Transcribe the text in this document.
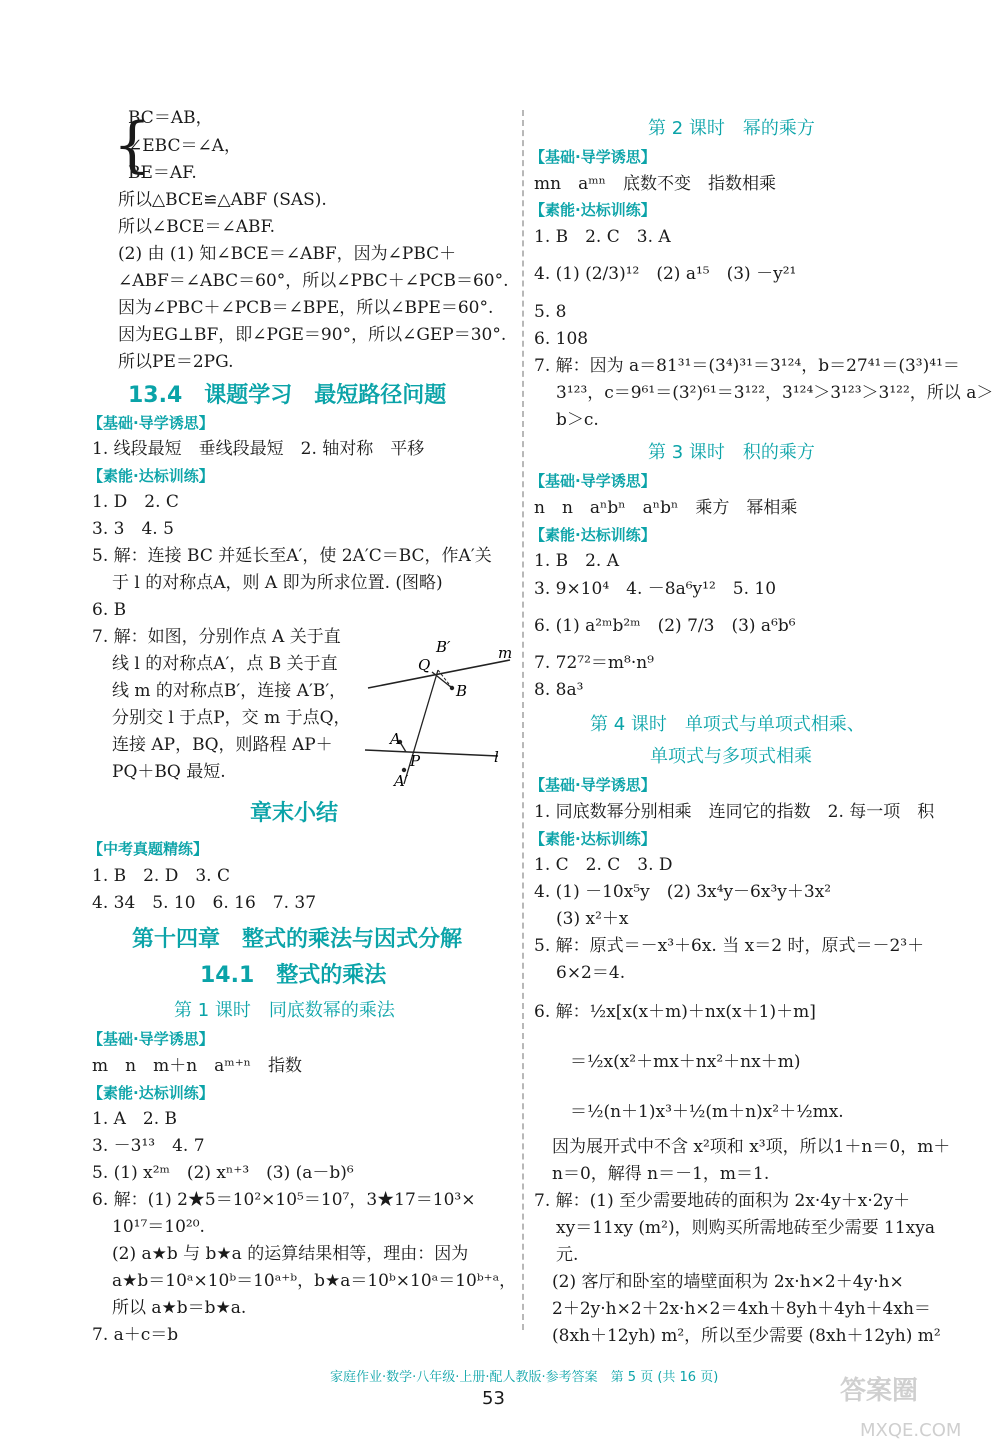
{
BC＝AB，
∠EBC＝∠A，
BE＝AF.
所以△BCE≌△ABF (SAS).
所以∠BCE＝∠ABF.
(2) 由 (1) 知∠BCE＝∠ABF，因为∠PBC＋
∠ABF＝∠ABC＝60°，所以∠PBC＋∠PCB＝60°.
因为∠PBC＋∠PCB＝∠BPE，所以∠BPE＝60°.
因为EG⊥BF，即∠PGE＝90°，所以∠GEP＝30°.
所以PE＝2PG.
13.4　课题学习　最短路径问题
【基础·导学诱思】
1. 线段最短　垂线段最短　2. 轴对称　平移
【素能·达标训练】
1. D　2. C
3. 3　4. 5
5. 解：连接 BC 并延长至A′，使 2A′C＝BC，作A′关
于 l 的对称点A，则 A 即为所求位置. (图略)
6. B
7. 解：如图，分别作点 A 关于直
线 l 的对称点A′，点 B 关于直
线 m 的对称点B′，连接 A′B′，
分别交 l 于点P，交 m 于点Q，
连接 AP，BQ，则路程 AP＋
PQ＋BQ 最短.
B′
Q
m
B
A
P	l
A′
章末小结
【中考真题精练】
1. B　2. D　3. C
4. 34　5. 10　6. 16　7. 37
第十四章　整式的乘法与因式分解
14.1　整式的乘法
第 1 课时　同底数幂的乘法
【基础·导学诱思】
m　n　m＋n　aᵐ⁺ⁿ　指数
【素能·达标训练】
1. A　2. B
3. －3¹³　4. 7
5. (1) x²ᵐ　(2) xⁿ⁺³　(3) (a－b)⁶
6. 解：(1) 2★5＝10²×10⁵＝10⁷，3★17＝10³×
10¹⁷＝10²⁰.
(2) a★b 与 b★a 的运算结果相等，理由：因为
a★b＝10ᵃ×10ᵇ＝10ᵃ⁺ᵇ，b★a＝10ᵇ×10ᵃ＝10ᵇ⁺ᵃ，
所以 a★b＝b★a.
7. a＋c＝b
第 2 课时　幂的乘方
【基础·导学诱思】
mn　aᵐⁿ　底数不变　指数相乘
【素能·达标训练】
1. B　2. C　3. A
4. (1) (2/3)¹²　(2) a¹⁵　(3) －y²¹
5. 8
6. 108
7. 解：因为 a＝81³¹＝(3⁴)³¹＝3¹²⁴，b＝27⁴¹＝(3³)⁴¹＝
3¹²³，c＝9⁶¹＝(3²)⁶¹＝3¹²²，3¹²⁴＞3¹²³＞3¹²²，所以 a＞
b＞c.
第 3 课时　积的乘方
【基础·导学诱思】
n　n　aⁿbⁿ　aⁿbⁿ　乘方　幂相乘
【素能·达标训练】
1. B　2. A
3. 9×10⁴　4. －8a⁶y¹²　5. 10
6. (1) a²ᵐb²ᵐ　(2) 7/3　(3) a⁶b⁶
7. 72⁷²＝m⁸·n⁹
8. 8a³
第 4 课时　单项式与单项式相乘、
单项式与多项式相乘
【基础·导学诱思】
1. 同底数幂分别相乘　连同它的指数　2. 每一项　积
【素能·达标训练】
1. C　2. C　3. D
4. (1) －10x⁵y　(2) 3x⁴y－6x³y＋3x²
(3) x²＋x
5. 解：原式＝－x³＋6x. 当 x＝2 时，原式＝－2³＋
6×2＝4.
6. 解：½x[x(x＋m)＋nx(x＋1)＋m]
＝½x(x²＋mx＋nx²＋nx＋m)
＝½(n＋1)x³＋½(m＋n)x²＋½mx.
因为展开式中不含 x²项和 x³项，所以1＋n＝0，m＋
n＝0，解得 n＝－1，m＝1.
7. 解：(1) 至少需要地砖的面积为 2x·4y＋x·2y＋
xy＝11xy (m²)，则购买所需地砖至少需要 11xya
元.
(2) 客厅和卧室的墙壁面积为 2x·h×2＋4y·h×
2＋2y·h×2＋2x·h×2＝4xh＋8yh＋4yh＋4xh＝
(8xh＋12yh) m²，所以至少需要 (8xh＋12yh) m²
家庭作业·数学·八年级·上册·配人教版·参考答案　第 5 页 (共 16 页)
53	答案圈
MXQE.COM
